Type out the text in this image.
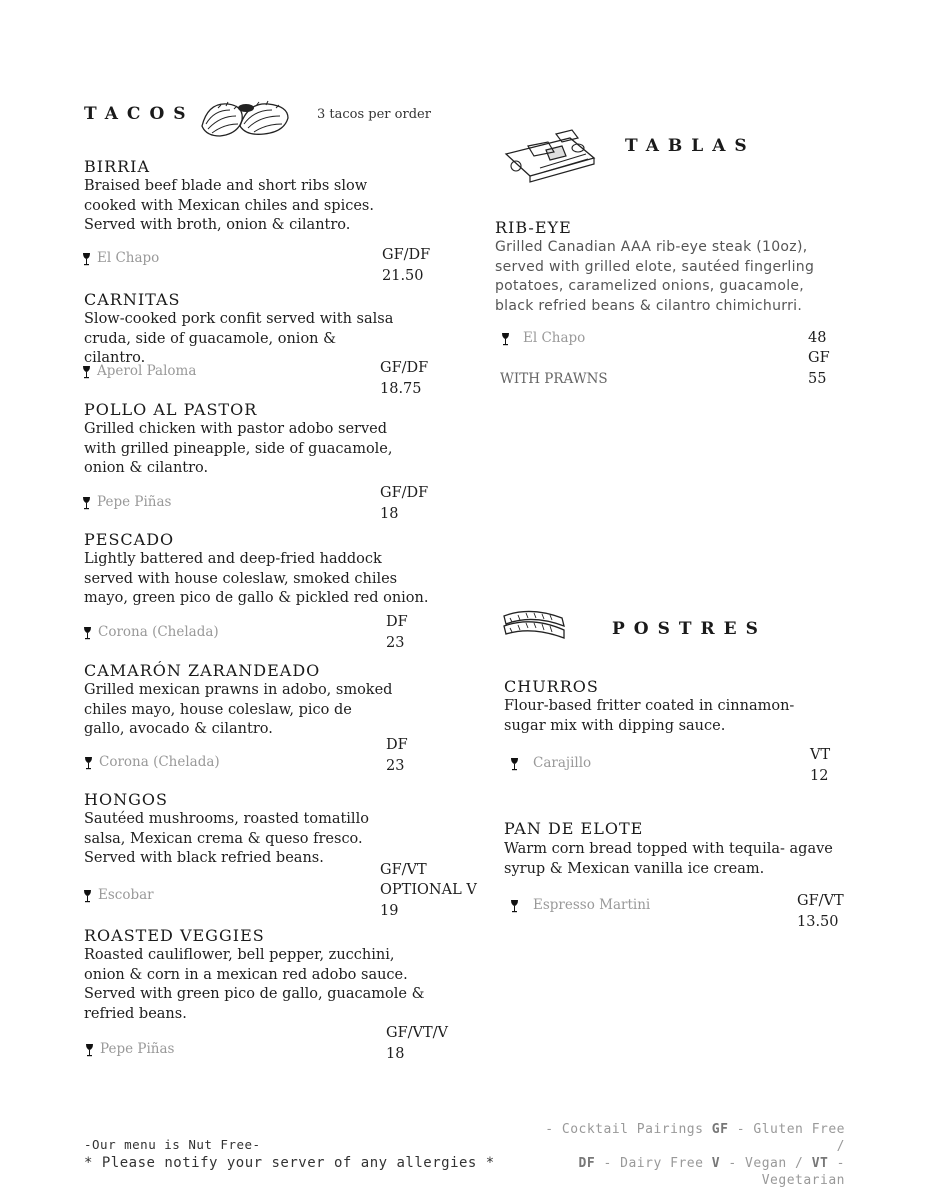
TACOS	3 tacos per order
BIRRIA
Braised beef blade and short ribs slow cooked with Mexican chiles and spices. Served with broth, onion & cilantro.
El Chapo	GF/DF
21.50
CARNITAS
Slow-cooked pork confit served with salsa cruda, side of guacamole, onion & cilantro.
Aperol Paloma	GF/DF
18.75
POLLO AL PASTOR
Grilled chicken with pastor adobo served with grilled pineapple, side of guacamole, onion & cilantro.
Pepe Piñas
GF/DF
18
PESCADO
Lightly battered and deep-fried haddock served with house coleslaw, smoked chiles mayo, green pico de gallo & pickled red onion.
Corona (Chelada)
DF
23
CAMARÓN ZARANDEADO
Grilled mexican prawns in adobo, smoked chiles mayo, house coleslaw, pico de gallo, avocado & cilantro.
Corona (Chelada)
DF
23
HONGOS
Sautéed mushrooms, roasted tomatillo salsa, Mexican crema & queso fresco. Served with black refried beans.
Escobar
GF/VT
OPTIONAL V
19
ROASTED VEGGIES
Roasted cauliflower, bell pepper, zucchini, onion & corn in a mexican red adobo sauce. Served with green pico de gallo, guacamole & refried beans.
Pepe Piñas
GF/VT/V
18
TABLAS
RIB-EYE
Grilled Canadian AAA rib-eye steak (10oz), served with grilled elote, sautéed fingerling potatoes, caramelized onions, guacamole, black refried beans & cilantro chimichurri.
El Chapo	48
GF
WITH PRAWNS	55
POSTRES
CHURROS
Flour-based fritter coated in cinnamon-sugar mix with dipping sauce.
Carajillo	VT
12
PAN DE ELOTE
Warm corn bread topped with tequila- agave syrup & Mexican vanilla ice cream.
Espresso Martini	GF/VT
13.50
-Our menu is Nut Free-
* Please notify your server of any allergies *
- Cocktail Pairings GF - Gluten Free /
DF - Dairy Free V - Vegan / VT -
Vegetarian
